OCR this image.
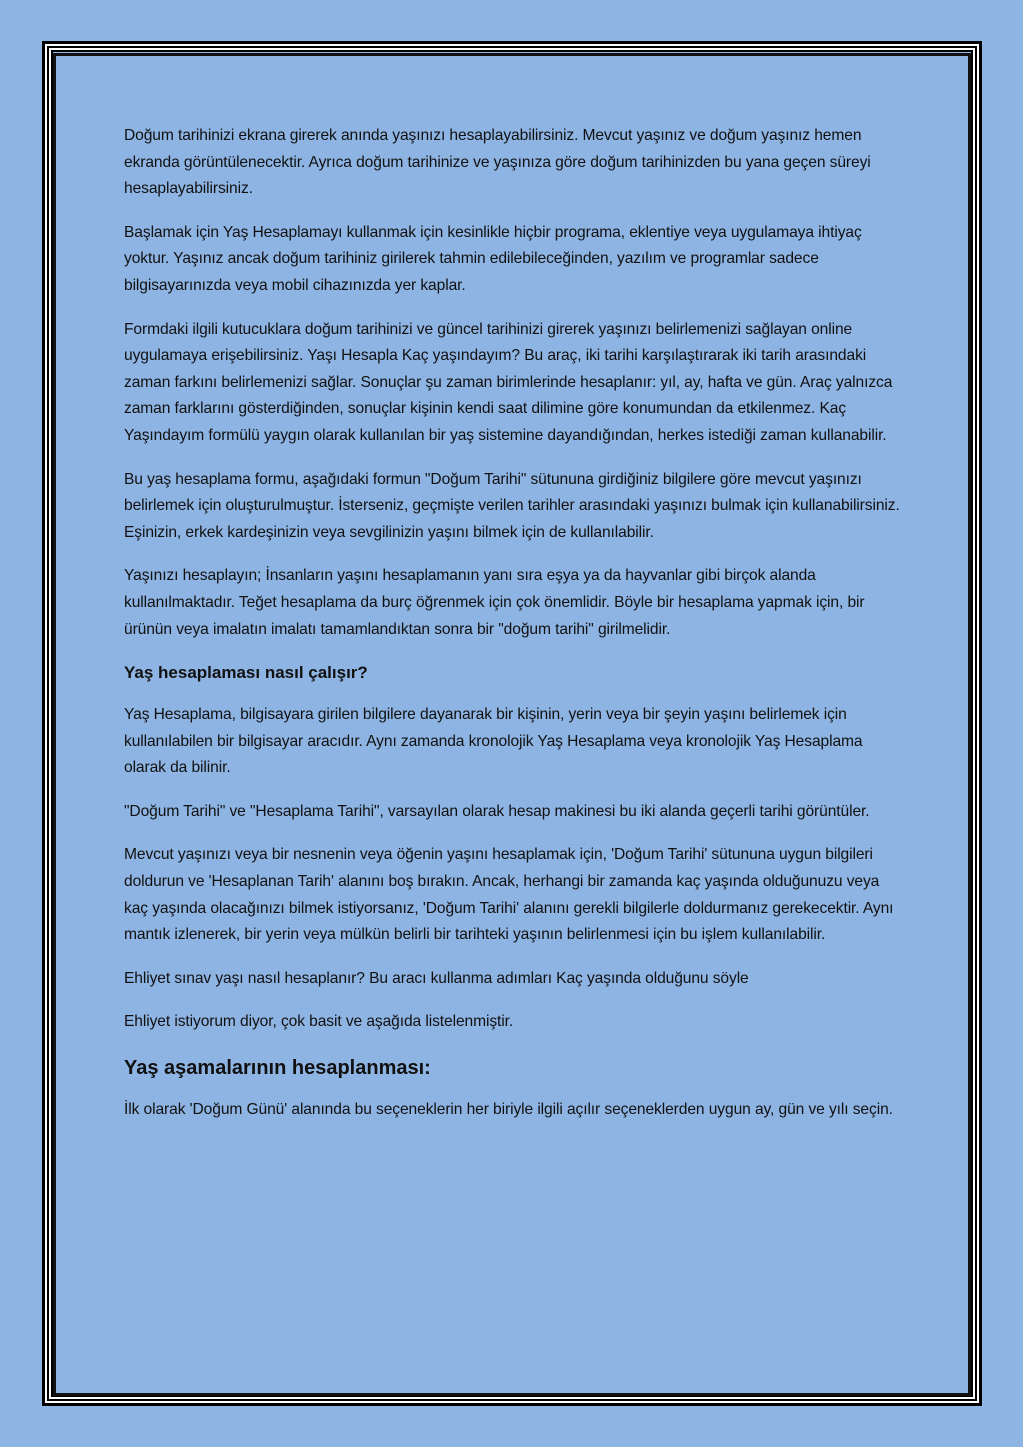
Doğum tarihinizi ekrana girerek anında yaşınızı hesaplayabilirsiniz. Mevcut yaşınız ve doğum yaşınız hemen ekranda görüntülenecektir. Ayrıca doğum tarihinize ve yaşınıza göre doğum tarihinizden bu yana geçen süreyi hesaplayabilirsiniz.

Başlamak için Yaş Hesaplamayı kullanmak için kesinlikle hiçbir programa, eklentiye veya uygulamaya ihtiyaç yoktur. Yaşınız ancak doğum tarihiniz girilerek tahmin edilebileceğinden, yazılım ve programlar sadece bilgisayarınızda veya mobil cihazınızda yer kaplar.

Formdaki ilgili kutucuklara doğum tarihinizi ve güncel tarihinizi girerek yaşınızı belirlemenizi sağlayan online uygulamaya erişebilirsiniz. Yaşı Hesapla Kaç yaşındayım? Bu araç, iki tarihi karşılaştırarak iki tarih arasındaki zaman farkını belirlemenizi sağlar. Sonuçlar şu zaman birimlerinde hesaplanır: yıl, ay, hafta ve gün. Araç yalnızca zaman farklarını gösterdiğinden, sonuçlar kişinin kendi saat dilimine göre konumundan da etkilenmez. Kaç Yaşındayım formülü yaygın olarak kullanılan bir yaş sistemine dayandığından, herkes istediği zaman kullanabilir.

Bu yaş hesaplama formu, aşağıdaki formun "Doğum Tarihi" sütununa girdiğiniz bilgilere göre mevcut yaşınızı belirlemek için oluşturulmuştur. İsterseniz, geçmişte verilen tarihler arasındaki yaşınızı bulmak için kullanabilirsiniz. Eşinizin, erkek kardeşinizin veya sevgilinizin yaşını bilmek için de kullanılabilir.

Yaşınızı hesaplayın; İnsanların yaşını hesaplamanın yanı sıra eşya ya da hayvanlar gibi birçok alanda kullanılmaktadır. Teğet hesaplama da burç öğrenmek için çok önemlidir. Böyle bir hesaplama yapmak için, bir ürünün veya imalatın imalatı tamamlandıktan sonra bir "doğum tarihi" girilmelidir.

Yaş hesaplaması nasıl çalışır?

Yaş Hesaplama, bilgisayara girilen bilgilere dayanarak bir kişinin, yerin veya bir şeyin yaşını belirlemek için kullanılabilen bir bilgisayar aracıdır. Aynı zamanda kronolojik Yaş Hesaplama veya kronolojik Yaş Hesaplama olarak da bilinir.

"Doğum Tarihi" ve "Hesaplama Tarihi", varsayılan olarak hesap makinesi bu iki alanda geçerli tarihi görüntüler.

Mevcut yaşınızı veya bir nesnenin veya öğenin yaşını hesaplamak için, 'Doğum Tarihi' sütununa uygun bilgileri doldurun ve 'Hesaplanan Tarih' alanını boş bırakın. Ancak, herhangi bir zamanda kaç yaşında olduğunuzu veya kaç yaşında olacağınızı bilmek istiyorsanız, 'Doğum Tarihi' alanını gerekli bilgilerle doldurmanız gerekecektir. Aynı mantık izlenerek, bir yerin veya mülkün belirli bir tarihteki yaşının belirlenmesi için bu işlem kullanılabilir.

Ehliyet sınav yaşı nasıl hesaplanır? Bu aracı kullanma adımları Kaç yaşında olduğunu söyle

Ehliyet istiyorum diyor, çok basit ve aşağıda listelenmiştir.

Yaş aşamalarının hesaplanması:

İlk olarak 'Doğum Günü' alanında bu seçeneklerin her biriyle ilgili açılır seçeneklerden uygun ay, gün ve yılı seçin.
